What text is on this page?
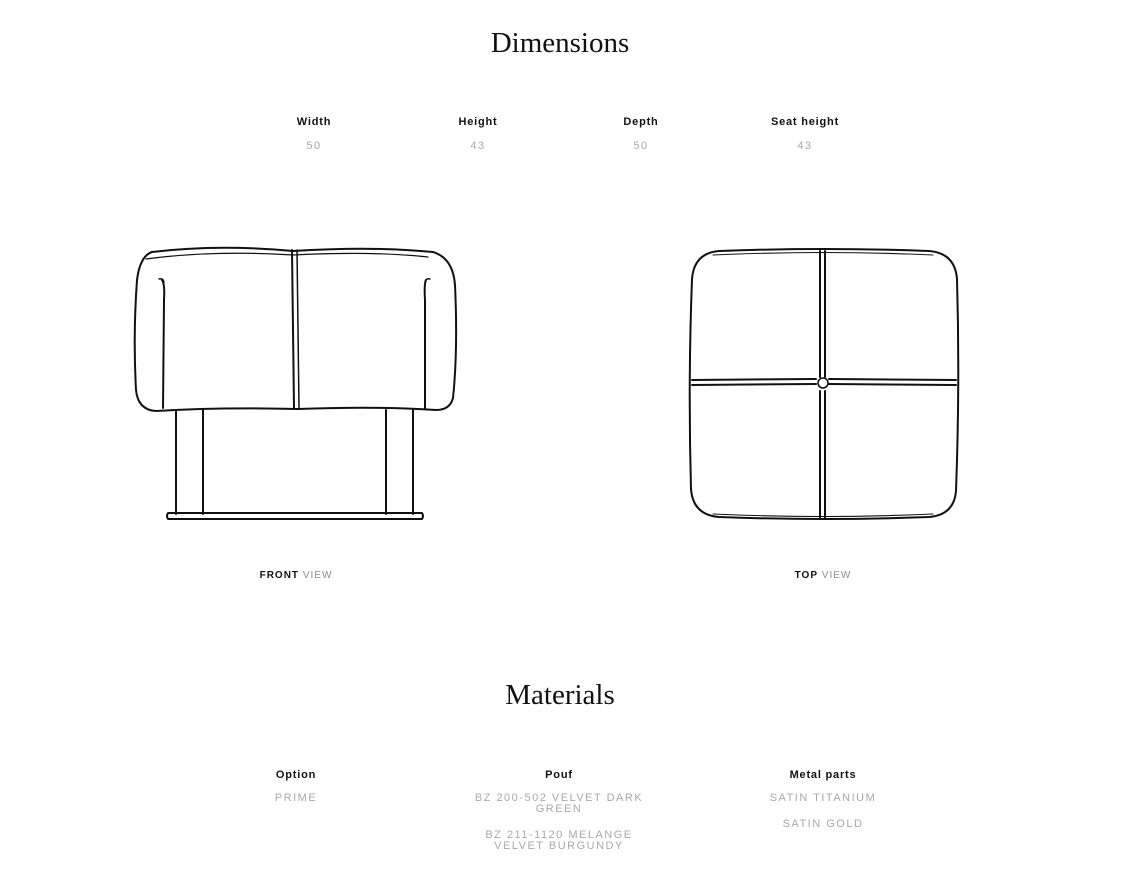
Dimensions
Width
50
Height
43
Depth
50
Seat height
43
FRONT VIEW	TOP VIEW
Materials
Option
PRIME
Pouf
BZ 200-502 VELVET DARK GREEN
BZ 211-1120 MELANGE VELVET BURGUNDY
Metal parts
SATIN TITANIUM
SATIN GOLD
